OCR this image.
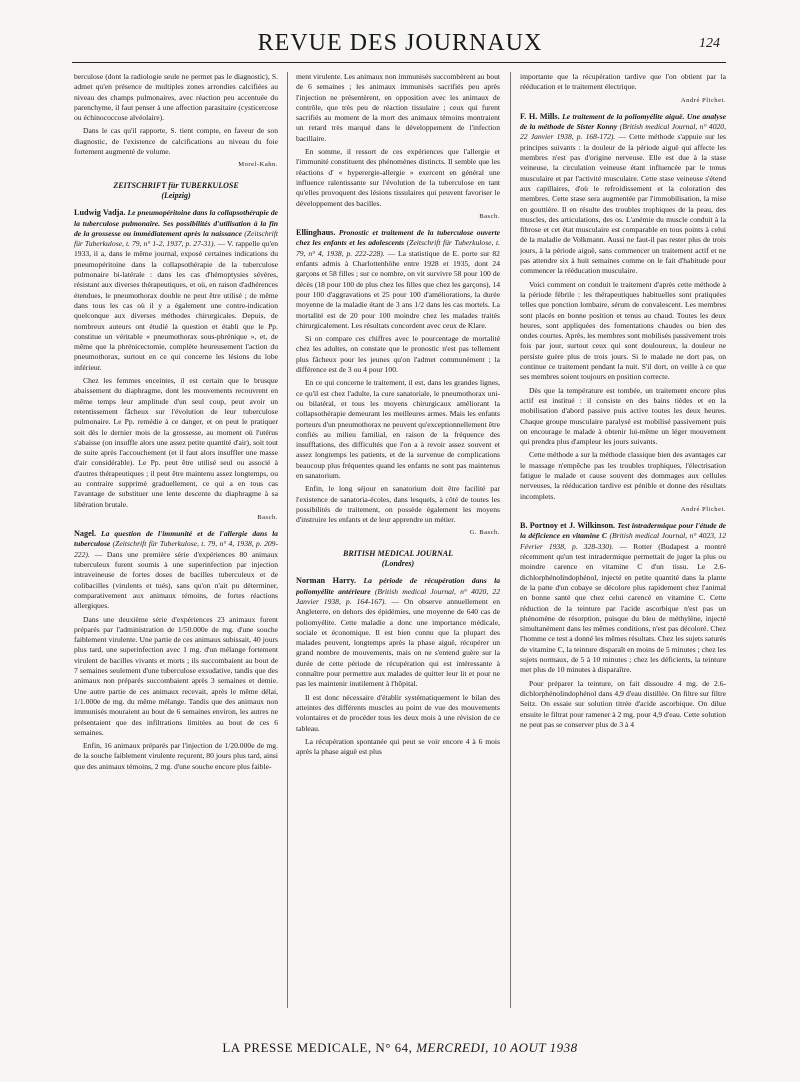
REVUE DES JOURNAUX	124

berculose (dont la radiologie seule ne permet pas le diagnostic), S. admet qu'en présence de multiples zones arrondies calcifiées au niveau des champs pulmonaires, avec réaction peu accentuée du parenchyme, il faut penser à une affection parasitaire (cysticercose ou échinococcose alvéolaire).

Dans le cas qu'il rapporte, S. tient compte, en faveur de son diagnostic, de l'existence de calcifications au niveau du foie fortement augmenté de volume.

Morel-Kahn.

ZEITSCHRIFT für TUBERKULOSE

(Leipzig)

Ludwig Vadja. Le pneumopéritoine dans la collapsothérapie de la tuberculose pulmonaire. Ses possibilités d'utilisation à la fin de la grossesse ou immédiatement après la naissance (Zeitschrift für Tuberkulose, t. 79, n° 1-2, 1937, p. 27-31). — V. rappelle qu'en 1933, il a, dans le même journal, exposé certaines indications du pneumopéritoine dans la collapsothérapie de la tuberculose pulmonaire bi-latérale : dans les cas d'hémoptysies sévères, résistant aux diverses thérapeutiques, et où, en raison d'adhérences étendues, le pneumothorax double ne peut être utilisé ; de même dans tous les cas où il y a également une contre-indication quelconque aux diverses méthodes chirurgicales. Depuis, de nombreux auteurs ont étudié la question et établi que le Pp. constitue un véritable « pneumothorax sous-phrénique », et, de même que la phrénicectomie, complète heureusement l'action du pneumothorax, surtout en ce qui concerne les lésions du lobe inférieur.

Chez les femmes enceintes, il est certain que le brusque abaissement du diaphragme, dont les mouvements recouvrent en même temps leur amplitude d'un seul coup, peut avoir un retentissement fâcheux sur l'évolution de leur tuberculose pulmonaire. Le Pp. remédie à ce danger, et on peut le pratiquer soit dès le dernier mois de la grossesse, au moment où l'utérus s'abaisse (on insuffle alors une assez petite quantité d'air), soit tout de suite après l'accouchement (et il faut alors insuffler une masse d'air considérable). Le Pp. peut être utilisé seul ou associé à d'autres thérapeutiques ; il peut être maintenu assez longtemps, ou au contraire supprimé graduellement, ce qui a en tous cas l'avantage de substituer une lente descente du diaphragme à sa libération brutale.

Basch.

Nagel. La question de l'immunité et de l'allergie dans la tuberculose (Zeitschrift für Tuberkulose, t. 79, n° 4, 1938, p. 209-222). — Dans une première série d'expériences 80 animaux tuberculeux furent soumis à une superinfection par injection intraveineuse de fortes doses de bacilles tuberculeux et de colibacilles (virulents et tués), sans qu'on n'ait pu déterminer, comparativement aux animaux témoins, de fortes réactions allergiques.

Dans une deuxième série d'expériences 23 animaux furent préparés par l'administration de 1/50.000e de mg. d'une souche faiblement virulente. Une partie de ces animaux subissait, 40 jours plus tard, une superinfection avec 1 mg. d'un mélange fortement virulent de bacilles vivants et morts ; ils succombaient au bout de 7 semaines seulement d'une tuberculose exsudative, tandis que des animaux non préparés succombaient après 3 semaines et demie. Une autre partie de ces animaux recevait, après le même délai, 1/1.000e de mg. du même mélange. Tandis que des animaux non immunisés mouraient au bout de 6 semaines environ, les autres ne présentaient que des infiltrations limitées au bout de ces 6 semaines.

Enfin, 16 animaux préparés par l'injection de 1/20.000e de mg. de la souche faiblement virulente reçurent, 80 jours plus tard, ainsi que des animaux témoins, 2 mg. d'une souche encore plus faible-

ment virulente. Les animaux non immunisés succombèrent au bout de 6 semaines ; les animaux immunisés sacrifiés peu après l'injection ne présentèrent, en opposition avec les animaux de contrôle, que très peu de réaction tissulaire ; ceux qui furent sacrifiés au moment de la mort des animaux témoins montraient un retard très marqué dans le développement de l'infection bacillaire.

En somme, il ressort de ces expériences que l'allergie et l'immunité constituent des phénomènes distincts. Il semble que les réactions d' « hyperergie-allergie » exercent en général une influence ralentissante sur l'évolution de la tuberculose en tant qu'elles provoquent des lésions tissulaires qui peuvent favoriser le développement des bacilles.

Basch.

Ellinghaus. Pronostic et traitement de la tuberculose ouverte chez les enfants et les adolescents (Zeitschrift für Tuberkulose, t. 79, n° 4, 1938, p. 222-228). — La statistique de E. porte sur 82 enfants admis à Charlottenhöhe entre 1928 et 1935, dont 24 garçons et 58 filles ; sur ce nombre, on vit survivre 58 pour 100 de décès (18 pour 100 de plus chez les filles que chez les garçons), 14 pour 100 d'aggravations et 25 pour 100 d'améliorations, la durée moyenne de la maladie étant de 3 ans 1/2 dans les cas mortels. La mortalité est de 20 pour 100 moindre chez les malades traités chirurgicalement. Les résultats concordent avec ceux de Klare.

Si on compare ces chiffres avec le pourcentage de mortalité chez les adultes, on constate que le pronostic n'est pas tellement plus fâcheux pour les jeunes qu'on l'admet communément ; la différence est de 3 ou 4 pour 100.

En ce qui concerne le traitement, il est, dans les grandes lignes, ce qu'il est chez l'adulte, la cure sanatoriale, le pneumothorax uni- ou bilatéral, et tous les moyens chirurgicaux améliorant la collapsothérapie demeurant les meilleures armes. Mais les enfants porteurs d'un pneumothorax ne peuvent qu'exceptionnellement être confiés au milieu familial, en raison de la fréquence des insufflations, des difficultés que l'on a à revoir assez souvent et assez longtemps les patients, et de la survenue de complications beaucoup plus fréquentes quand les enfants ne sont pas maintenus en sanatorium.

Enfin, le long séjour en sanatorium doit être facilité par l'existence de sanatoria-écoles, dans lesquels, à côté de toutes les possibilités de traitement, on possède également les moyens d'instruire les enfants et de leur apprendre un métier.

G. Basch.

BRITISH MEDICAL JOURNAL

(Londres)

Norman Harry. La période de récupération dans la poliomyélite antérieure (British medical Journal, n° 4020, 22 Janvier 1938, p. 164-167). — On observe annuellement en Angleterre, en dehors des épidémies, une moyenne de 640 cas de poliomyélite. Cette maladie a donc une importance médicale, sociale et économique. Il est bien connu que la plupart des malades peuvent, longtemps après la phase aiguë, récupérer un grand nombre de mouvements, mais on ne s'entend guère sur la durée de cette période de récupération qui est intéressante à connaître pour permettre aux malades de quitter leur lit et pour ne pas les maintenir inutilement à l'hôpital.

Il est donc nécessaire d'établir systématiquement le bilan des atteintes des différents muscles au point de vue des mouvements volontaires et de procéder tous les deux mois à une révision de ce tableau.

La récupération spontanée qui peut se voir encore 4 à 6 mois après la phase aiguë est plus

importante que la récupération tardive que l'on obtient par la rééducation et le traitement électrique.

André Plichet.

F. H. Mills. Le traitement de la poliomyélite aiguë. Une analyse de la méthode de Sister Konny (British medical Journal, n° 4020, 22 Janvier 1938, p. 168-172). — Cette méthode s'appuie sur les principes suivants : la douleur de la période aiguë qui affecte les membres n'est pas d'origine nerveuse. Elle est due à la stase veineuse, la circulation veineuse étant influencée par le tonus musculaire et par l'activité musculaire. Cette stase veineuse s'étend aux capillaires, d'où le refroidissement et la coloration des membres. Cette stase sera augmentée par l'immobilisation, la mise en gouttière. Il en résulte des troubles trophiques de la peau, des muscles, des articulations, des os. L'anémie du muscle conduit à la fibrose et cet état musculaire est comparable en tous points à celui de la maladie de Volkmann. Aussi ne faut-il pas rester plus de trois jours, à la période aiguë, sans commencer un traitement actif et ne pas attendre six à huit semaines comme on le fait d'habitude pour commencer la rééducation musculaire.

Voici comment on conduit le traitement d'après cette méthode à la période fébrile : les thérapeutiques habituelles sont pratiquées telles que ponction lombaire, sérum de convalescent. Les membres sont placés en bonne position et tenus au chaud. Toutes les deux heures, sont appliquées des fomentations chaudes ou bien des ondes courtes. Après, les membres sont mobilisés passivement trois fois par jour, surtout ceux qui sont douloureux, la douleur ne persiste guère plus de trois jours. Si le malade ne dort pas, on continue ce traitement pendant la nuit. S'il dort, on veille à ce que ses membres soient toujours en position correcte.

Dès que la température est tombée, un traitement encore plus actif est institué : il consiste en des bains tièdes et en la mobilisation d'abord passive puis active toutes les deux heures. Chaque groupe musculaire paralysé est mobilisé passivement puis on encourage le malade à obtenir lui-même un léger mouvement qui prendra plus d'ampleur les jours suivants.

Cette méthode a sur la méthode classique bien des avantages car le massage n'empêche pas les troubles trophiques, l'électrisation fatigue le malade et cause souvent des dommages aux cellules nerveuses, la rééducation tardive est pénible et donne des résultats incomplets.

André Plichet.

B. Portnoy et J. Wilkinson. Test intradermique pour l'étude de la déficience en vitamine C (British medical Journal, n° 4023, 12 Février 1938, p. 328-330). — Rotter (Budapest a montré récemment qu'un test intradermique permettait de juger la plus ou moindre carence en vitamine C d'un tissu. Le 2.6-dichlorphénolindophénol, injecté en petite quantité dans la plante de la patte d'un cobaye se décolore plus rapidement chez l'animal en bonne santé que chez celui carencé en vitamine C. Cette réduction de la teinture par l'acide ascorbique n'est pas un phénomène de résorption, puisque du bleu de méthylène, injecté simultanément dans les mêmes conditions, n'est pas décoloré. Chez l'homme ce test a donné les mêmes résultats. Chez les sujets saturés de vitamine C, la teinture disparaît en moins de 5 minutes ; chez les sujets normaux, de 5 à 10 minutes ; chez les déficients, la teinture met plus de 10 minutes à disparaître.

Pour préparer la teinture, on fait dissoudre 4 mg. de 2.6-dichlorphénolindophénol dans 4,9 d'eau distillée. On filtre sur filtre Seitz. On essaie sur solution titrée d'acide ascorbique. On dilue ensuite le filtrat pour ramener à 2 mg. pour 4,9 d'eau. Cette solution ne peut pas se conserver plus de 3 à 4

LA PRESSE MEDICALE, N° 64, MERCREDI, 10 AOUT 1938
